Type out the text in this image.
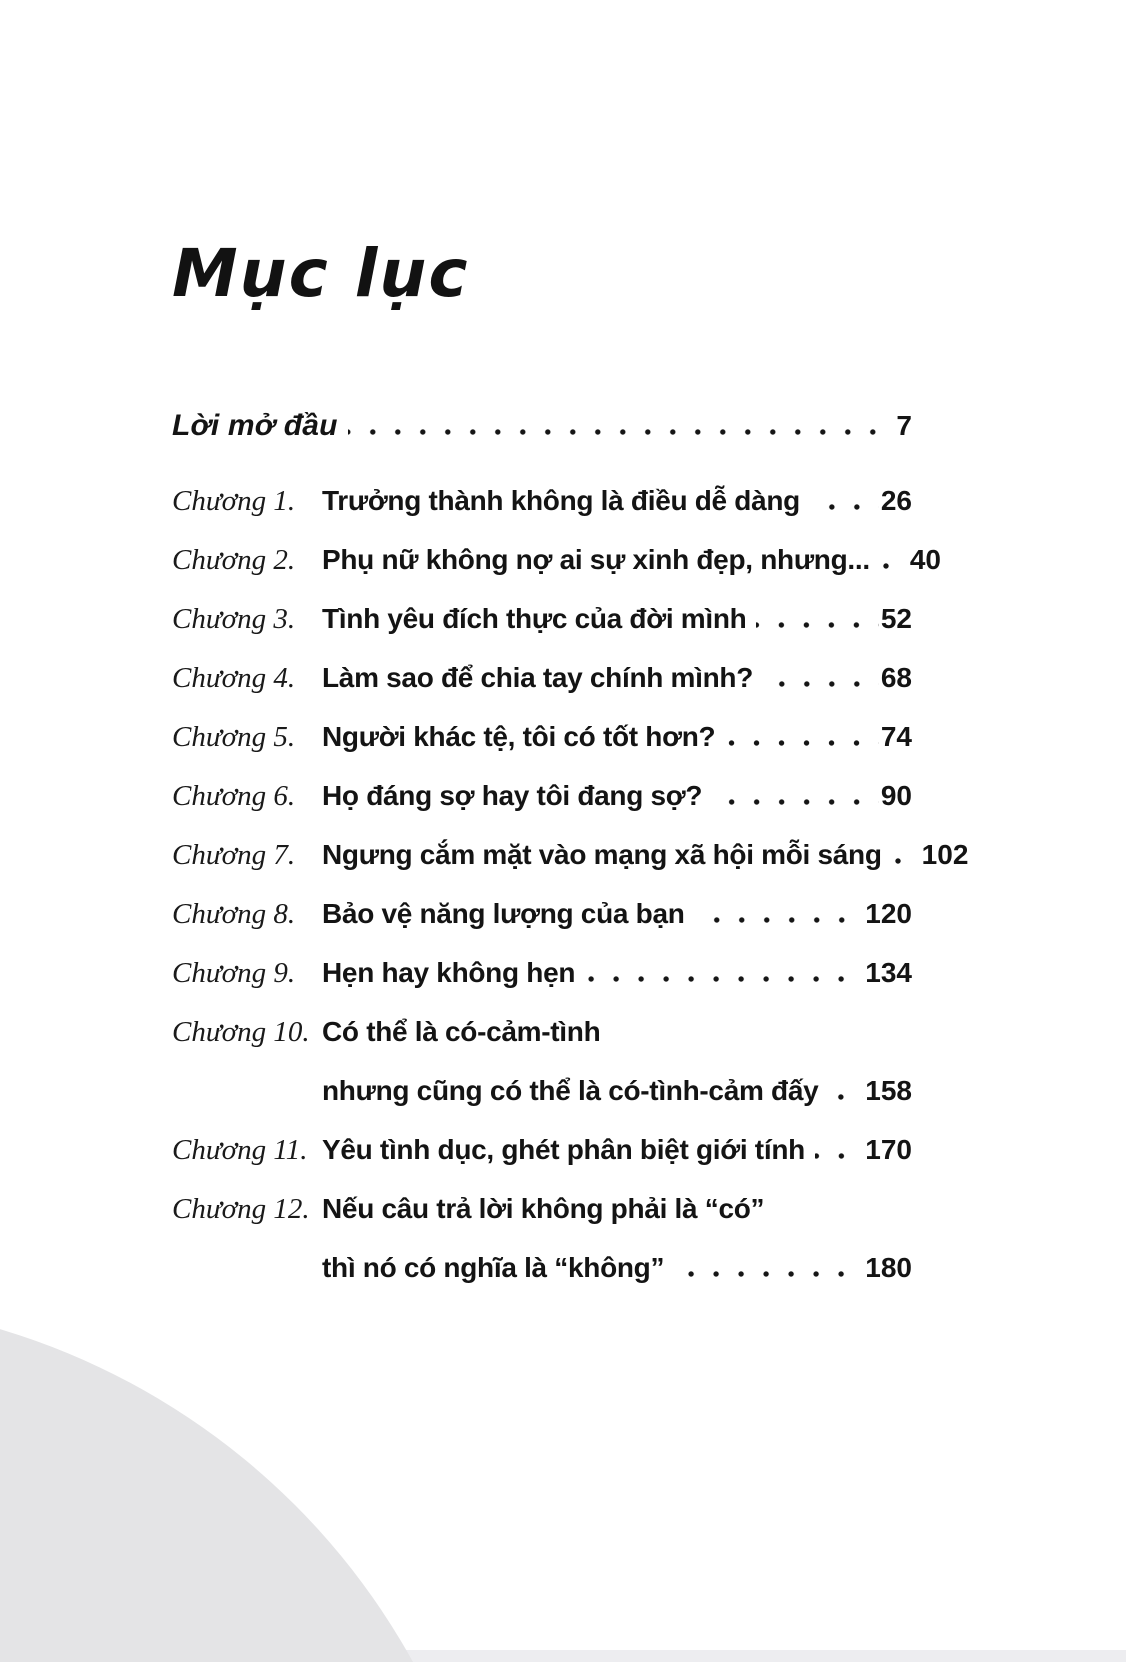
Mục lục
Lời mở đầu	7
Chương 1. Trưởng thành không là điều dễ dàng	26
Chương 2. Phụ nữ không nợ ai sự xinh đẹp, nhưng... 40
Chương 3. Tình yêu đích thực của đời mình	52
Chương 4. Làm sao để chia tay chính mình?	68
Chương 5. Người khác tệ, tôi có tốt hơn?	74
Chương 6. Họ đáng sợ hay tôi đang sợ?	90
Chương 7. Ngưng cắm mặt vào mạng xã hội mỗi sáng 102
Chương 8. Bảo vệ năng lượng của bạn	120
Chương 9. Hẹn hay không hẹn	134
Chương 10. Có thể là có-cảm-tình
nhưng cũng có thể là có-tình-cảm đấy 158
Chương 11. Yêu tình dục, ghét phân biệt giới tính 170
Chương 12. Nếu câu trả lời không phải là “có”
thì nó có nghĩa là “không”	180
